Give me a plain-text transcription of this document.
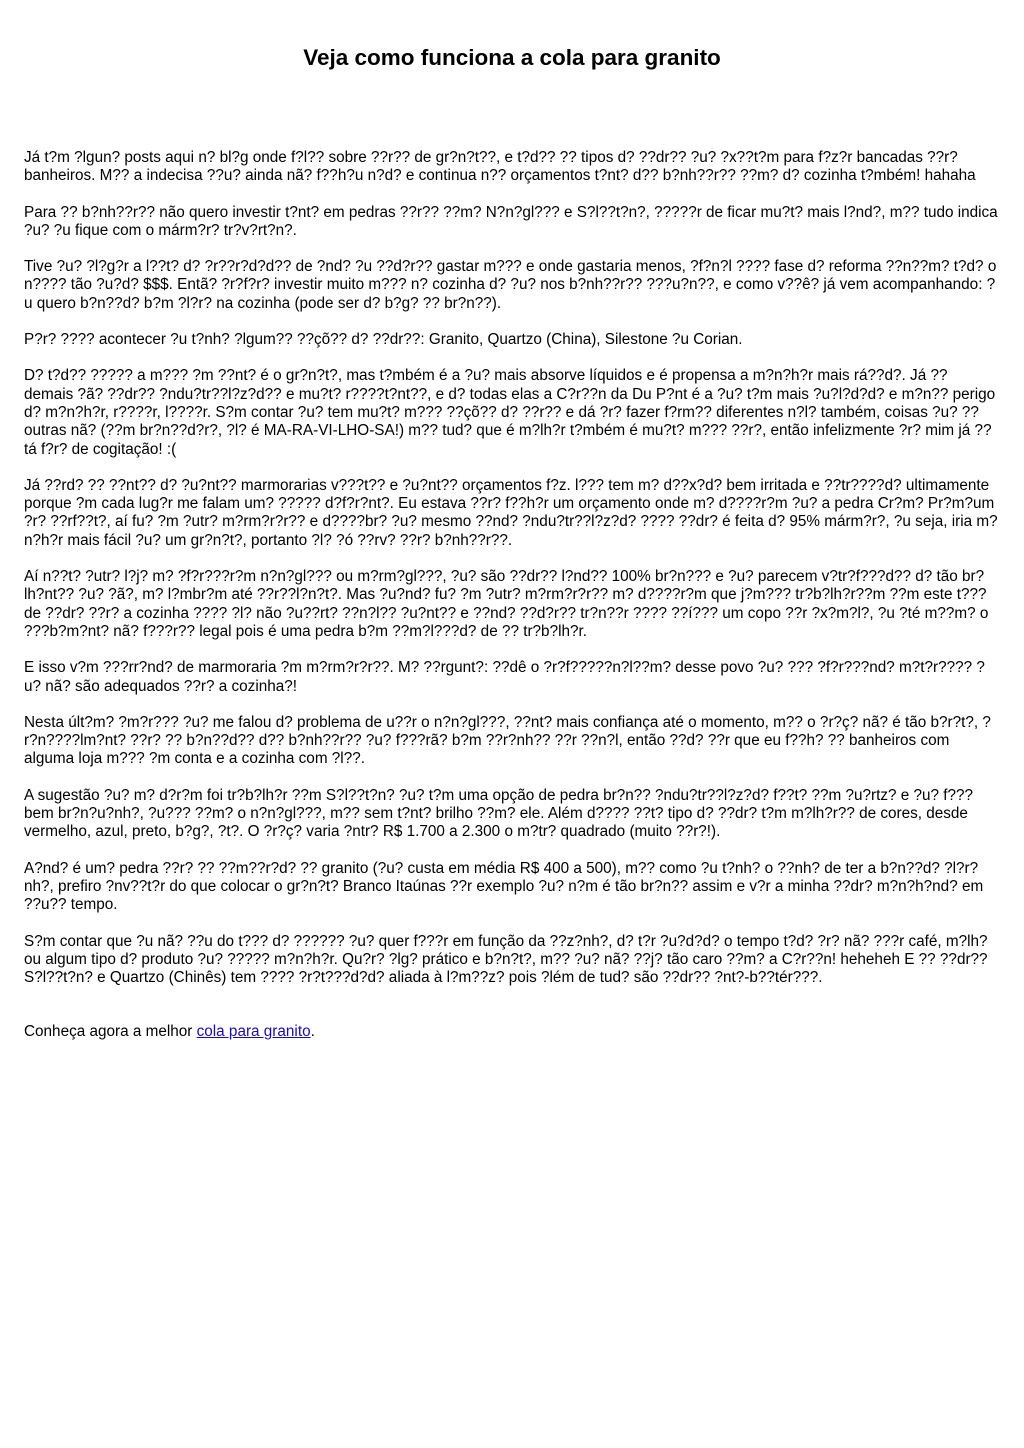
Veja como funciona a cola para granito

Já t?m ?lgun? posts aqui n? bl?g onde f?l?? sobre ??r?? de gr?n?t??, e t?d?? ?? tipos d? ??dr?? ?u? ?x??t?m para f?z?r bancadas ??r? banheiros. M?? a indecisa ??u? ainda nã? f??h?u n?d? e continua n?? orçamentos t?nt? d?? b?nh??r?? ??m? d? cozinha t?mbém! hahaha

Para ?? b?nh??r?? não quero investir t?nt? em pedras ??r?? ??m? N?n?gl??? e S?l??t?n?, ?????r de ficar mu?t? mais l?nd?, m?? tudo indica ?u? ?u fique com o márm?r? tr?v?rt?n?.

Tive ?u? ?l?g?r a l??t? d? ?r??r?d?d?? de ?nd? ?u ??d?r?? gastar m??? e onde gastaria menos, ?f?n?l ???? fase d? reforma ??n??m? t?d? o n???? tão ?u?d? $$$. Entã? ?r?f?r? investir muito m??? n? cozinha d? ?u? nos b?nh??r?? ???u?n??, e como v??ê? já vem acompanhando: ?u quero b?n??d? b?m ?l?r? na cozinha (pode ser d? b?g? ?? br?n??).

P?r? ???? acontecer ?u t?nh? ?lgum?? ??çõ?? d? ??dr??: Granito, Quartzo (China), Silestone ?u Corian.

D? t?d?? ????? a m??? ?m ??nt? é o gr?n?t?, mas t?mbém é a ?u? mais absorve líquidos e é propensa a m?n?h?r mais rá??d?. Já ?? demais ?ã? ??dr?? ?ndu?tr??l?z?d?? e mu?t? r????t?nt??, e d? todas elas a C?r??n da Du P?nt é a ?u? t?m mais ?u?l?d?d? e m?n?? perigo d? m?n?h?r, r????r, l????r. S?m contar ?u? tem mu?t? m??? ??çõ?? d? ??r?? e dá ?r? fazer f?rm?? diferentes n?l? também, coisas ?u? ?? outras nã? (??m br?n??d?r?, ?l? é MA-RA-VI-LHO-SA!) m?? tud? que é m?lh?r t?mbém é mu?t? m??? ??r?, então infelizmente ?r? mim já ??tá f?r? de cogitação! :(

Já ??rd? ?? ??nt?? d? ?u?nt?? marmorarias v???t?? e ?u?nt?? orçamentos f?z. l??? tem m? d??x?d? bem irritada e ??tr????d? ultimamente porque ?m cada lug?r me falam um? ????? d?f?r?nt?. Eu estava ??r? f??h?r um orçamento onde m? d????r?m ?u? a pedra Cr?m? Pr?m?um ?r? ??rf??t?, aí fu? ?m ?utr? m?rm?r?r?? e d????br? ?u? mesmo ??nd? ?ndu?tr??l?z?d? ???? ??dr? é feita d? 95% márm?r?, ?u seja, iria m?n?h?r mais fácil ?u? um gr?n?t?, portanto ?l? ?ó ??rv? ??r? b?nh??r??.

Aí n??t? ?utr? l?j? m? ?f?r???r?m n?n?gl??? ou m?rm?gl???, ?u? são ??dr?? l?nd?? 100% br?n??? e ?u? parecem v?tr?f???d?? d? tão br?lh?nt?? ?u? ?ã?, m? l?mbr?m até ??r??l?n?t?. Mas ?u?nd? fu? ?m ?utr? m?rm?r?r?? m? d????r?m que j?m??? tr?b?lh?r??m ??m este t??? de ??dr? ??r? a cozinha ???? ?l? não ?u??rt? ??n?l?? ?u?nt?? e ??nd? ??d?r?? tr?n??r ???? ??í??? um copo ??r ?x?m?l?, ?u ?té m??m? o ???b?m?nt? nã? f???r?? legal pois é uma pedra b?m ??m?l???d? de ?? tr?b?lh?r.

E isso v?m ???rr?nd? de marmoraria ?m m?rm?r?r??. M? ??rgunt?: ??dê o ?r?f?????n?l??m? desse povo ?u? ??? ?f?r???nd? m?t?r???? ?u? nã? são adequados ??r? a cozinha?!

Nesta últ?m? ?m?r??? ?u? me falou d? problema de u??r o n?n?gl???, ??nt? mais confiança até o momento, m?? o ?r?ç? nã? é tão b?r?t?, ?r?n????lm?nt? ??r? ?? b?n??d?? d?? b?nh??r?? ?u? f???rã? b?m ??r?nh?? ??r ??n?l, então ??d? ??r que eu f??h? ?? banheiros com alguma loja m??? ?m conta e a cozinha com ?l??.

A sugestão ?u? m? d?r?m foi tr?b?lh?r ??m S?l??t?n? ?u? t?m uma opção de pedra br?n?? ?ndu?tr??l?z?d? f??t? ??m ?u?rtz? e ?u? f??? bem br?n?u?nh?, ?u??? ??m? o n?n?gl???, m?? sem t?nt? brilho ??m? ele. Além d???? ??t? tipo d? ??dr? t?m m?lh?r?? de cores, desde vermelho, azul, preto, b?g?, ?t?. O ?r?ç? varia ?ntr? R$ 1.700 a 2.300 o m?tr? quadrado (muito ??r?!).

A?nd? é um? pedra ??r? ?? ??m??r?d? ?? granito (?u? custa em média R$ 400 a 500), m?? como ?u t?nh? o ??nh? de ter a b?n??d? ?l?r?nh?, prefiro ?nv??t?r do que colocar o gr?n?t? Branco Itaúnas ??r exemplo ?u? n?m é tão br?n?? assim e v?r a minha ??dr? m?n?h?nd? em ??u?? tempo.

S?m contar que ?u nã? ??u do t??? d? ?????? ?u? quer f???r em função da ??z?nh?, d? t?r ?u?d?d? o tempo t?d? ?r? nã? ???r café, m?lh? ou algum tipo d? produto ?u? ????? m?n?h?r. Qu?r? ?lg? prático e b?n?t?, m?? ?u? nã? ??j? tão caro ??m? a C?r??n! heheheh E ?? ??dr?? S?l??t?n? e Quartzo (Chinês) tem ???? ?r?t???d?d? aliada à l?m??z? pois ?lém de tud? são ??dr?? ?nt?-b??tér???.

Conheça agora a melhor cola para granito.
